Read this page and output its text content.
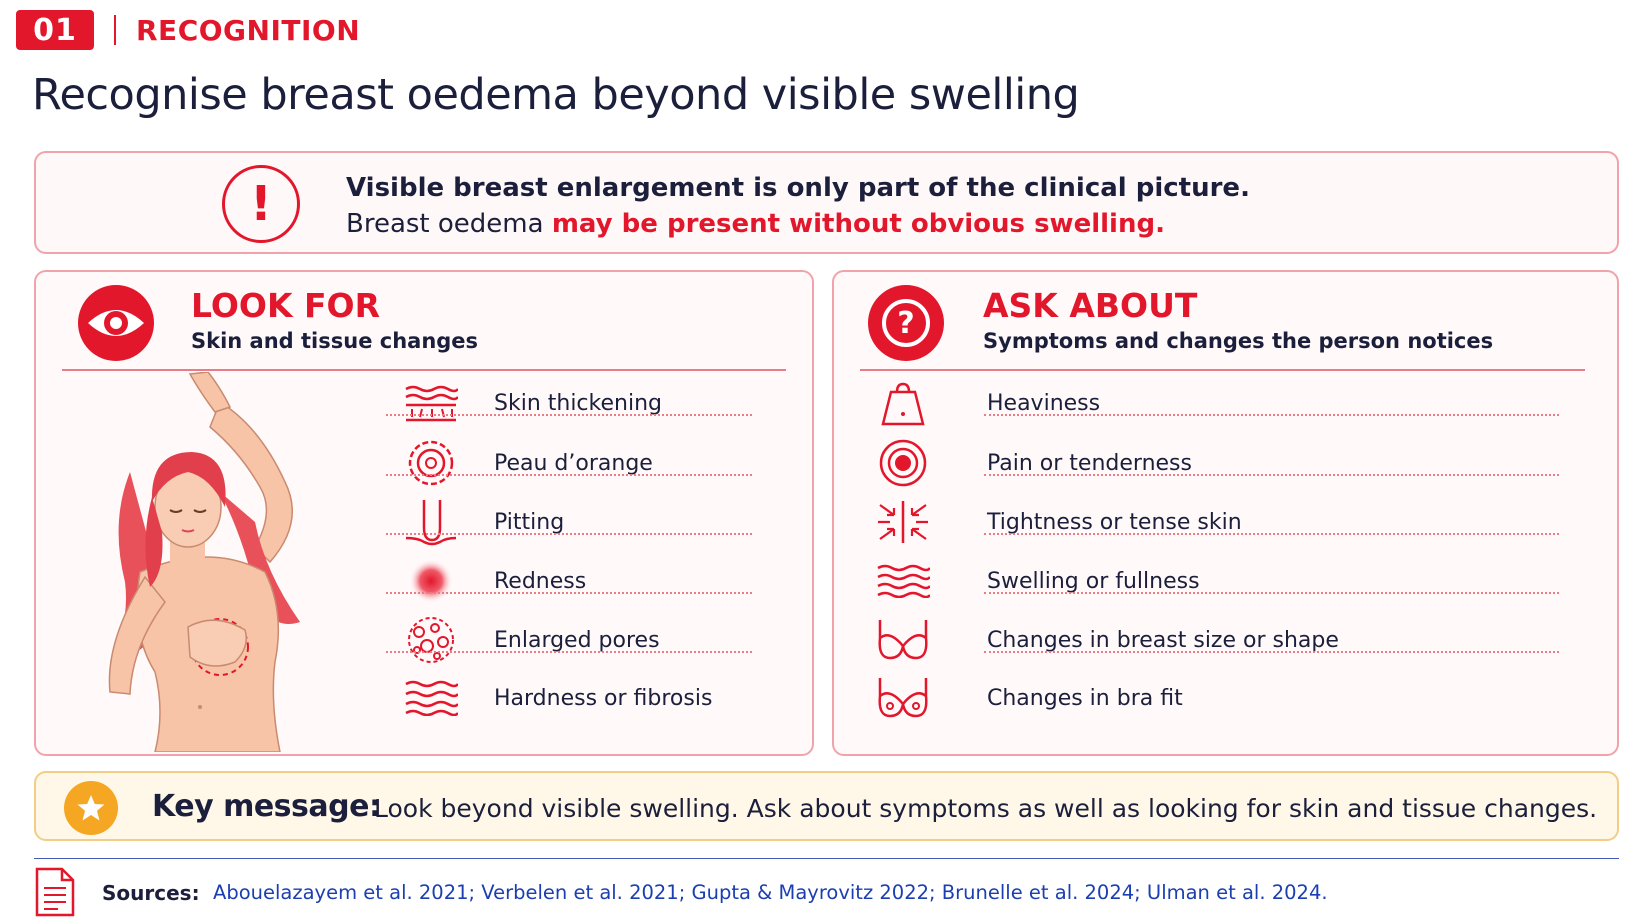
01	RECOGNITION
Recognise breast oedema beyond visible swelling
!	Visible breast enlargement is only part of the clinical picture.
Breast oedema may be present without obvious swelling.
LOOK FOR
Skin and tissue changes
Skin thickening
Peau d’orange
Pitting
Redness
Enlarged pores
Hardness or fibrosis
?	ASK ABOUT
Symptoms and changes the person notices
Heaviness
Pain or tenderness
Tightness or tense skin
Swelling or fullness
Changes in breast size or shape
Changes in bra fit
Key message:
Look beyond visible swelling. Ask about symptoms as well as looking for skin and tissue changes.
Sources: Abouelazayem et al. 2021; Verbelen et al. 2021; Gupta & Mayrovitz 2022; Brunelle et al. 2024; Ulman et al. 2024.
